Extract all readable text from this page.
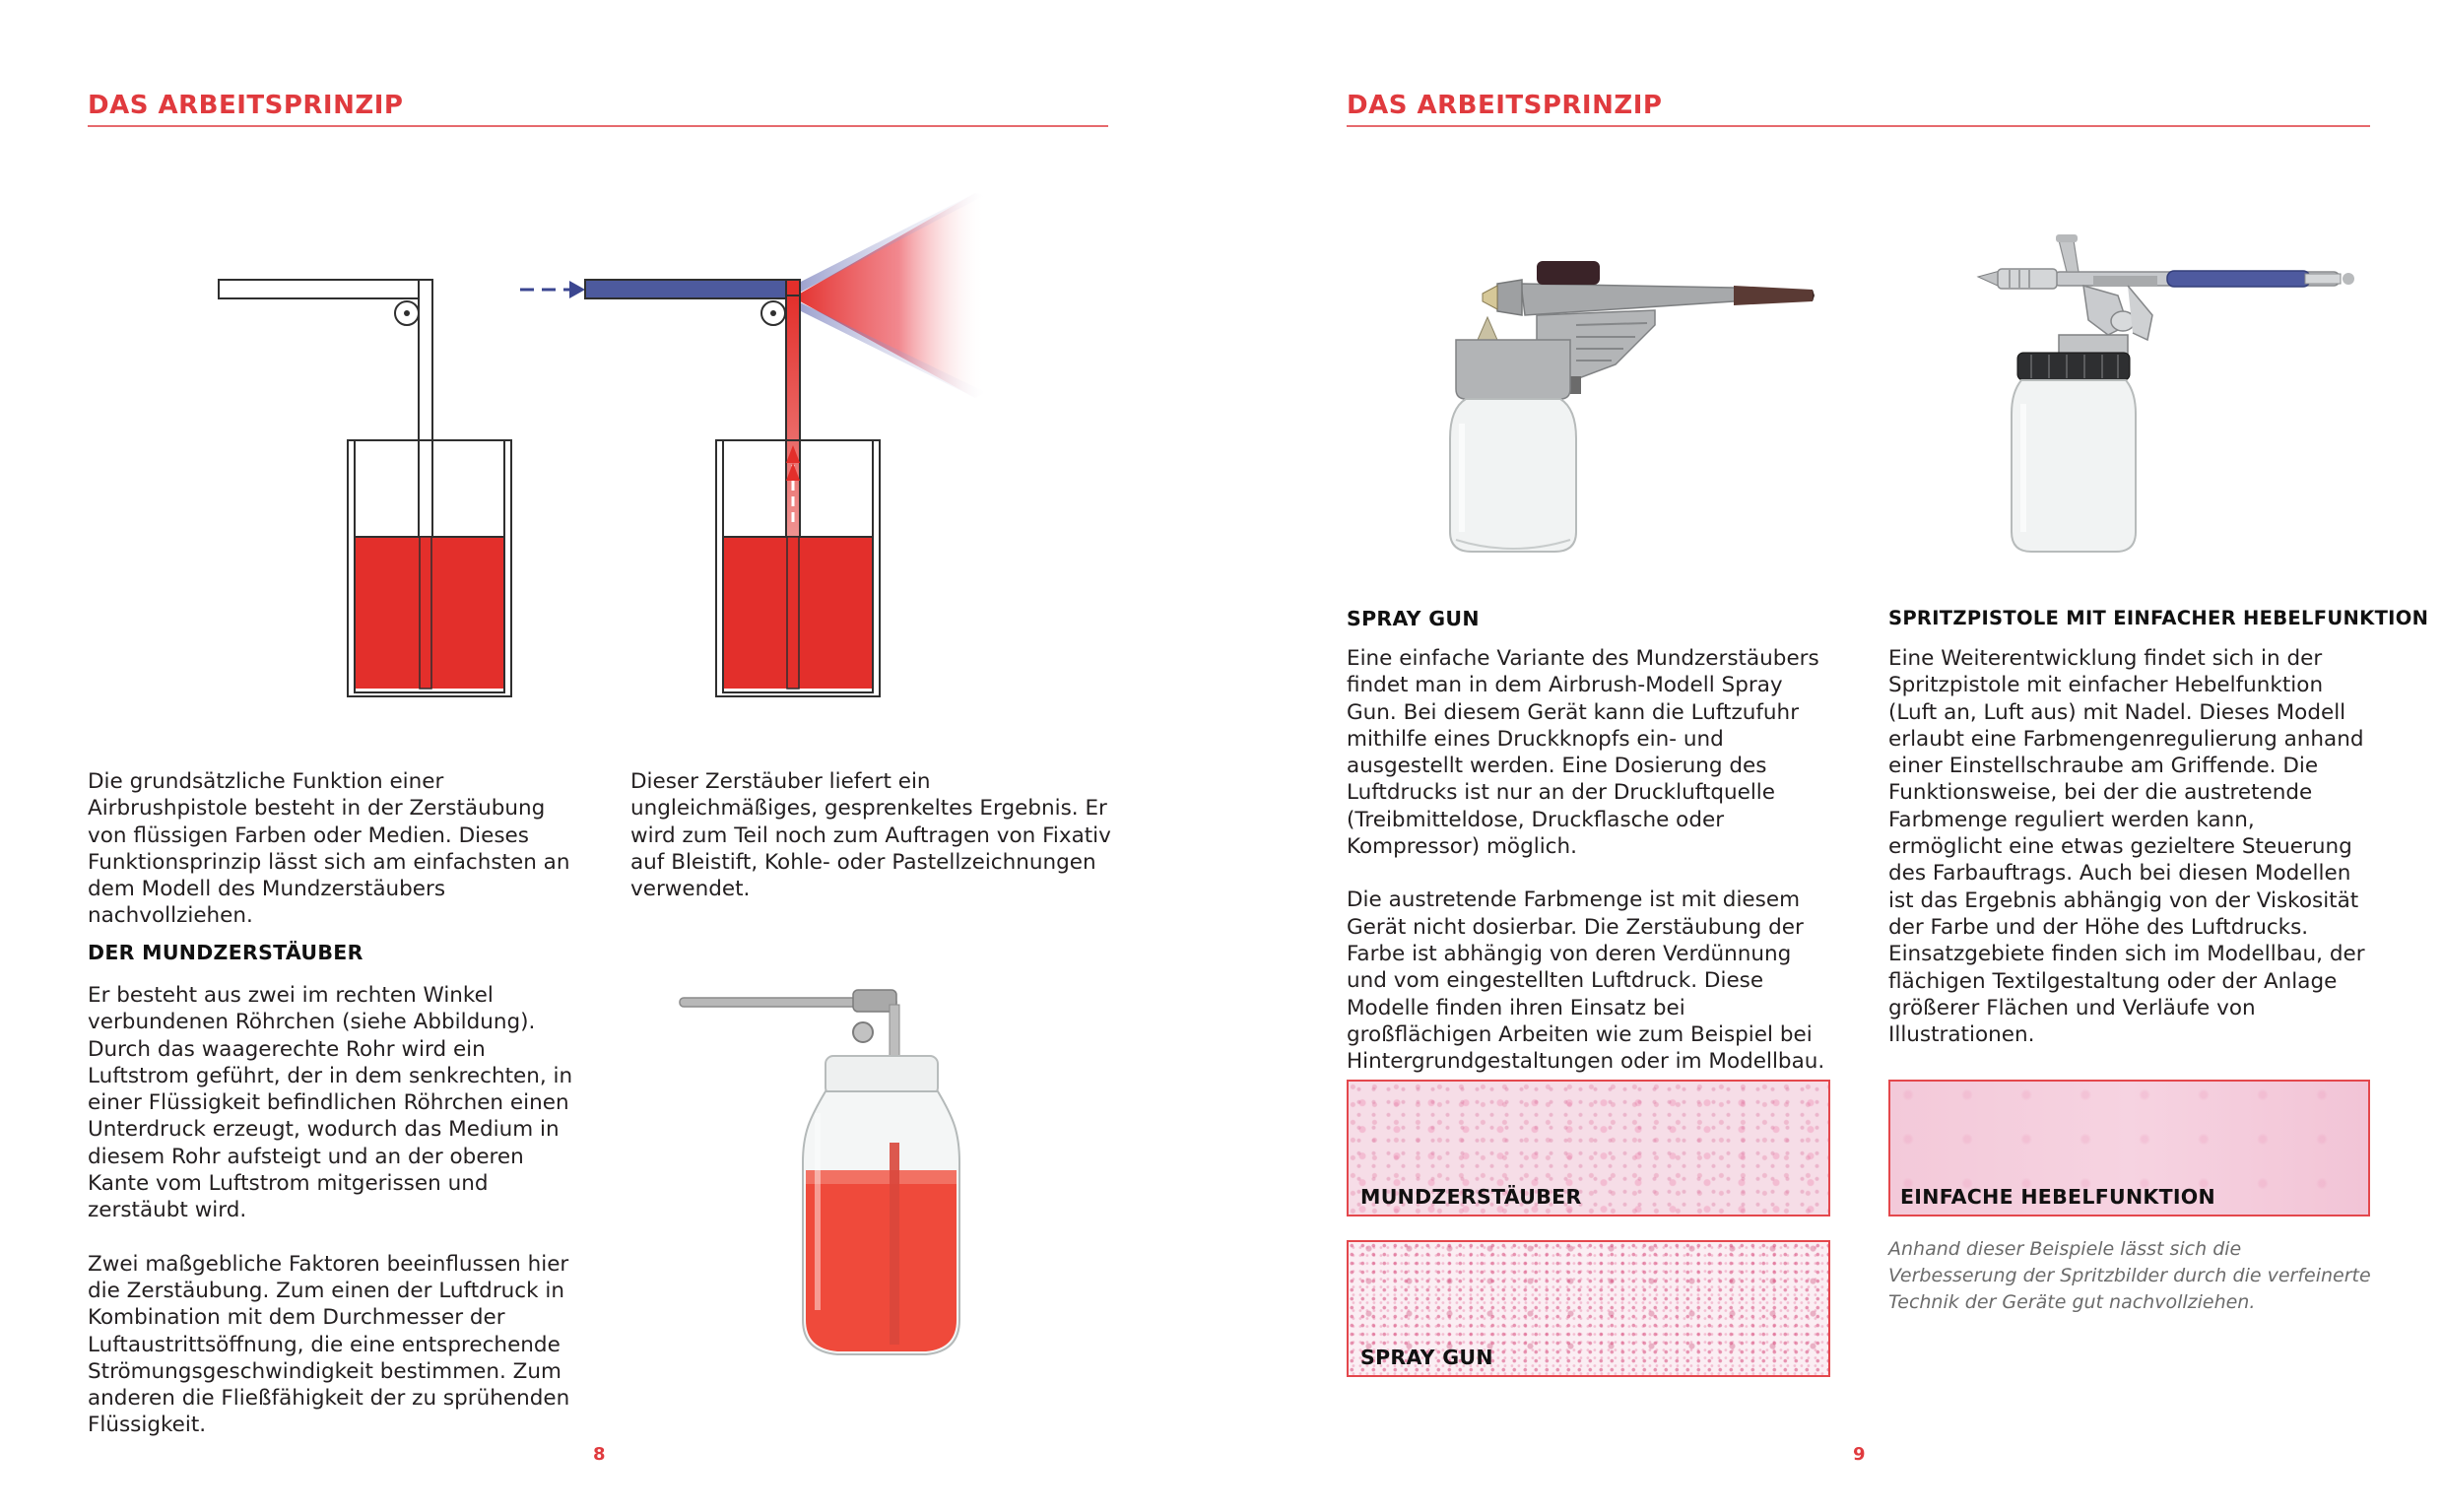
DAS ARBEITSPRINZIP
Die grundsätzliche Funktion einer Airbrushpistole besteht in der Zerstäubung von flüssigen Farben oder Medien. Dieses Funktionsprinzip lässt sich am einfachsten an dem Modell des Mundzerstäubers nachvollziehen.
Dieser Zerstäuber liefert ein ungleichmäßiges, gesprenkeltes Ergebnis. Er wird zum Teil noch zum Auftragen von Fixativ auf Bleistift, Kohle- oder Pastellzeichnungen verwendet.
DER MUNDZERSTÄUBER

Er besteht aus zwei im rechten Winkel verbundenen Röhrchen (siehe Abbildung). Durch das waagerechte Rohr wird ein Luftstrom geführt, der in dem senkrechten, in einer Flüssigkeit befindlichen Röhrchen einen Unterdruck erzeugt, wodurch das Medium in diesem Rohr aufsteigt und an der oberen Kante vom Luftstrom mitgerissen und zerstäubt wird.

Zwei maßgebliche Faktoren beeinflussen hier die Zerstäubung. Zum einen der Luftdruck in Kombination mit dem Durchmesser der Luftaustrittsöffnung, die eine entsprechende Strömungsgeschwindigkeit bestimmen. Zum anderen die Fließfähigkeit der zu sprühenden Flüssigkeit.

8
DAS ARBEITSPRINZIP
SPRAY GUN

Eine einfache Variante des Mundzerstäubers findet man in dem Airbrush-Modell Spray Gun. Bei diesem Gerät kann die Luftzufuhr mithilfe eines Druckknopfs ein- und ausgestellt werden. Eine Dosierung des Luftdrucks ist nur an der Druckluftquelle (Treibmitteldose, Druckflasche oder Kompressor) möglich.

Die austretende Farbmenge ist mit diesem Gerät nicht dosierbar. Die Zerstäubung der Farbe ist abhängig von deren Verdünnung und vom eingestellten Luftdruck. Diese Modelle finden ihren Einsatz bei großflächigen Arbeiten wie zum Beispiel bei Hintergrundgestaltungen oder im Modellbau.

SPRITZPISTOLE MIT EINFACHER HEBELFUNKTION

Eine Weiterentwicklung findet sich in der Spritzpistole mit einfacher Hebelfunktion (Luft an, Luft aus) mit Nadel. Dieses Modell erlaubt eine Farbmengenregulierung anhand einer Einstellschraube am Griffende. Die Funktionsweise, bei der die austretende Farbmenge reguliert werden kann, ermöglicht eine etwas gezieltere Steuerung des Farbauftrags. Auch bei diesen Modellen ist das Ergebnis abhängig von der Viskosität der Farbe und der Höhe des Luftdrucks. Einsatzgebiete finden sich im Modellbau, der flächigen Textilgestaltung oder der Anlage größerer Flächen und Verläufe von Illustrationen.

MUNDZERSTÄUBER
SPRAY GUN
EINFACHE HEBELFUNKTION
Anhand dieser Beispiele lässt sich die Verbesserung der Spritzbilder durch die verfeinerte Technik der Geräte gut nachvollziehen.
9
